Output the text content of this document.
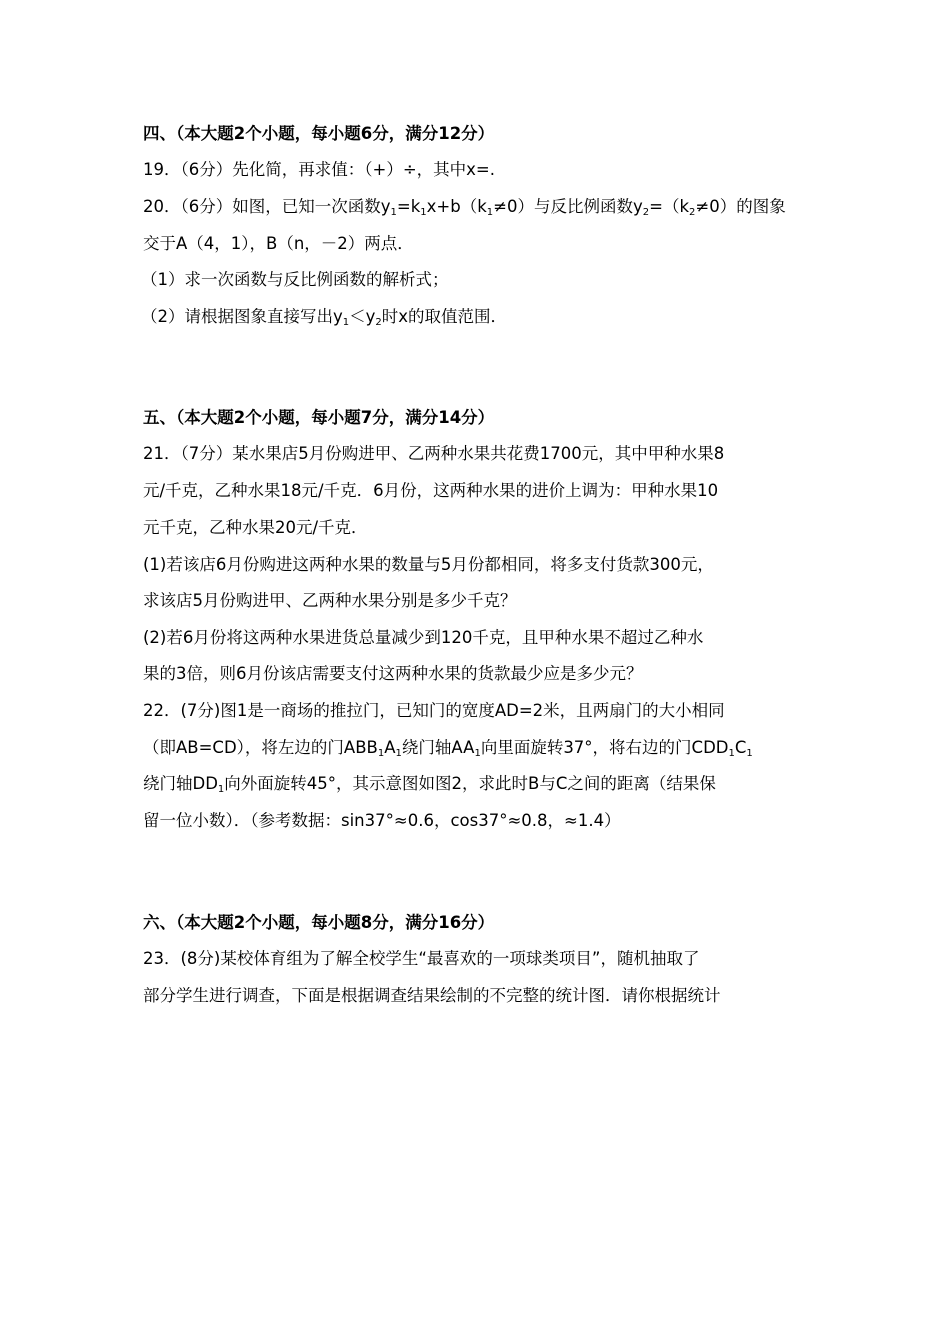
四、（本大题2个小题，每小题6分，满分12分）
19．（6分）先化简，再求值：（+）÷，其中x=.
20．（6分）如图，已知一次函数$y_1=k_1x+b(k_1\ne 0)$与反比例函数$y_2=(k_2\ne 0)$的图象
交于A（4，1），B（n，－2）两点．
（1）求一次函数与反比例函数的解析式；
（2）请根据图象直接写出$y_1<y_2$时x的取值范围．
五、（本大题2个小题，每小题7分，满分14分）
21．（7分）某水果店5月份购进甲、乙两种水果共花费1700元，其中甲种水果8
元/千克，乙种水果18元/千克．6月份，这两种水果的进价上调为：甲种水果10
元千克，乙种水果20元/千克．
(1)若该店6月份购进这两种水果的数量与5月份都相同，将多支付货款300元，
求该店5月份购进甲、乙两种水果分别是多少千克？
(2)若6月份将这两种水果进货总量减少到120千克，且甲种水果不超过乙种水
果的3倍，则6月份该店需要支付这两种水果的货款最少应是多少元？
22．(7分)图1是一商场的推拉门，已知门的宽度AD=2米，且两扇门的大小相同
（即AB=CD），将左边的门$ABB_1A_1$绕门轴$AA_1$向里面旋转37°，将右边的门$CDD_1C_1$
绕门轴$DD_1$向外面旋转45°，其示意图如图2，求此时B与C之间的距离（结果保
留一位小数）．（参考数据：sin37°≈0.6，cos37°≈0.8，≈1.4）
六、（本大题2个小题，每小题8分，满分16分）
23．(8分)某校体育组为了解全校学生“最喜欢的一项球类项目”，随机抽取了
部分学生进行调查，下面是根据调查结果绘制的不完整的统计图．请你根据统计
